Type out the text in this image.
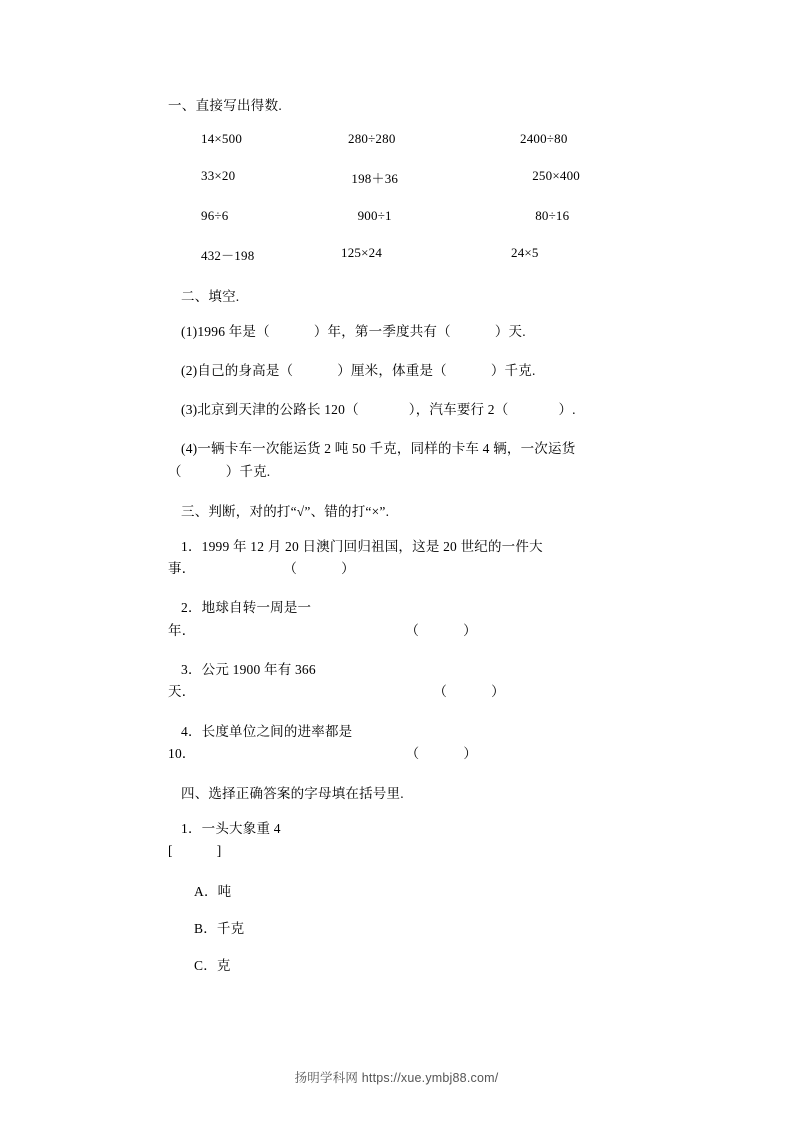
一、直接写出得数.

14×500	280÷280	2400÷80
33×20	198＋36	250×400
96÷6	900÷1	80÷16
432－198	125×24	24×5

二、填空.

(1)1996 年是（	）年，第一季度共有（	）天.

(2)自己的身高是（	）厘米，体重是（	）千克.

(3)北京到天津的公路长 120（	），汽车要行 2（	）.

(4)一辆卡车一次能运货 2 吨 50 千克，同样的卡车 4 辆，一次运货
（	）千克.

三、判断，对的打“√”、错的打“×”.

1．1999 年 12 月 20 日澳门回归祖国，这是 20 世纪的一件大
事．	（	）

2．地球自转一周是一
年．	（	）

3．公元 1900 年有 366
天．	（	）

4．长度单位之间的进率都是
10．	（	）

四、选择正确答案的字母填在括号里.

1．一头大象重 4
[	]

A．吨

B．千克

C．克

扬明学科网 https://xue.ymbj88.com/
